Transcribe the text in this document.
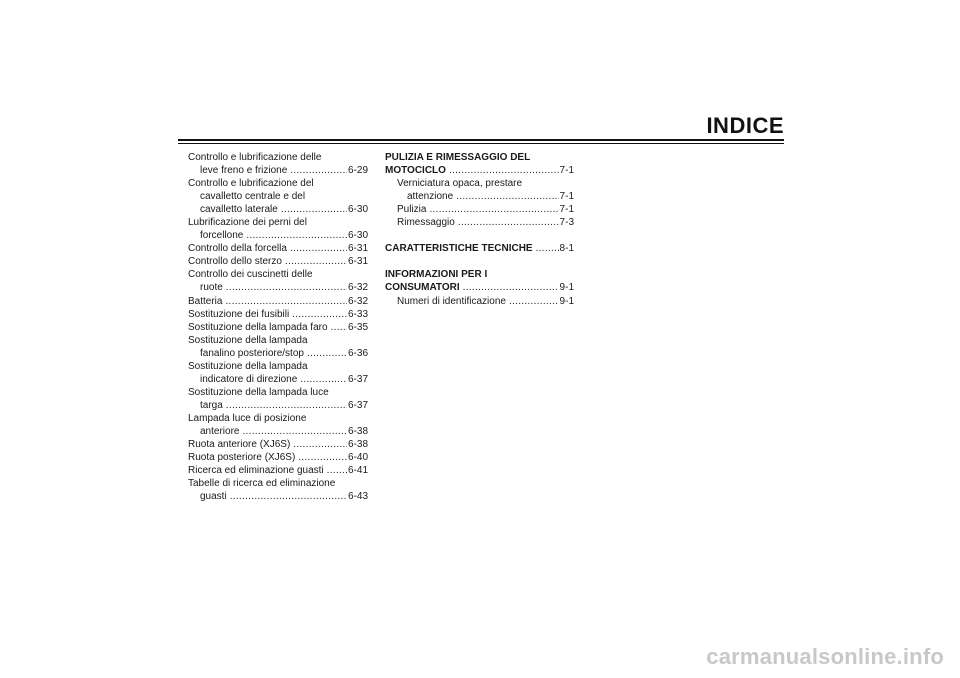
INDICE
Controllo e lubrificazione delle
leve freno e frizione .....	6-29
Controllo e lubrificazione del
cavalletto centrale e del
cavalletto laterale .....	6-30
Lubrificazione dei perni del
forcellone .....	6-30
Controllo della forcella .....	6-31
Controllo dello sterzo .....	6-31
Controllo dei cuscinetti delle
ruote .....	6-32
Batteria .....	6-32
Sostituzione dei fusibili .....	6-33
Sostituzione della lampada faro ..... 6-35
Sostituzione della lampada
fanalino posteriore/stop .....	6-36
Sostituzione della lampada
indicatore di direzione .....	6-37
Sostituzione della lampada luce
targa .....	6-37
Lampada luce di posizione
anteriore .....	6-38
Ruota anteriore (XJ6S) .....	6-38
Ruota posteriore (XJ6S) .....	6-40
Ricerca ed eliminazione guasti ..... 6-41
Tabelle di ricerca ed eliminazione
guasti .....	6-43
PULIZIA E RIMESSAGGIO DEL
MOTOCICLO .....	7-1
Verniciatura opaca, prestare
attenzione .....	7-1
Pulizia .....	7-1
Rimessaggio .....	7-3
CARATTERISTICHE TECNICHE .....	8-1
INFORMAZIONI PER I
CONSUMATORI .....	9-1
Numeri di identificazione .....	9-1
carmanualsonline.info
